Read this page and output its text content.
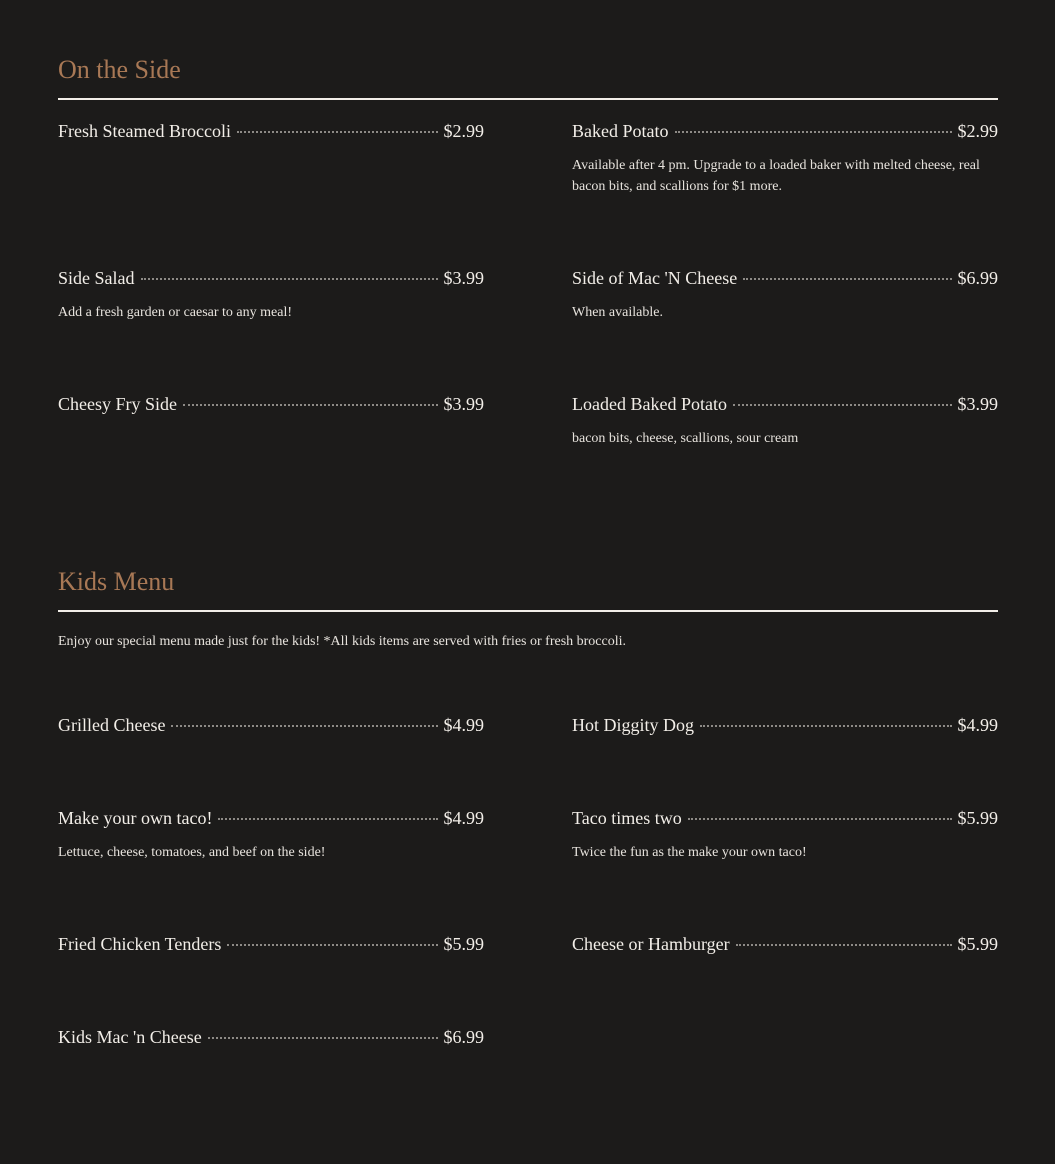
On the Side
Fresh Steamed Broccoli	$2.99	Baked Potato	$2.99
Available after 4 pm. Upgrade to a loaded baker with melted cheese, real bacon bits, and scallions for $1 more.
Side Salad	$3.99
Add a fresh garden or caesar to any meal!
Side of Mac 'N Cheese	$6.99
When available.
Cheesy Fry Side	$3.99	Loaded Baked Potato	$3.99
bacon bits, cheese, scallions, sour cream
Kids Menu
Enjoy our special menu made just for the kids! *All kids items are served with fries or fresh broccoli.
Grilled Cheese	$4.99	Hot Diggity Dog	$4.99
Make your own taco!	$4.99
Lettuce, cheese, tomatoes, and beef on the side!
Taco times two	$5.99
Twice the fun as the make your own taco!
Fried Chicken Tenders	$5.99	Cheese or Hamburger	$5.99
Kids Mac 'n Cheese	$6.99
